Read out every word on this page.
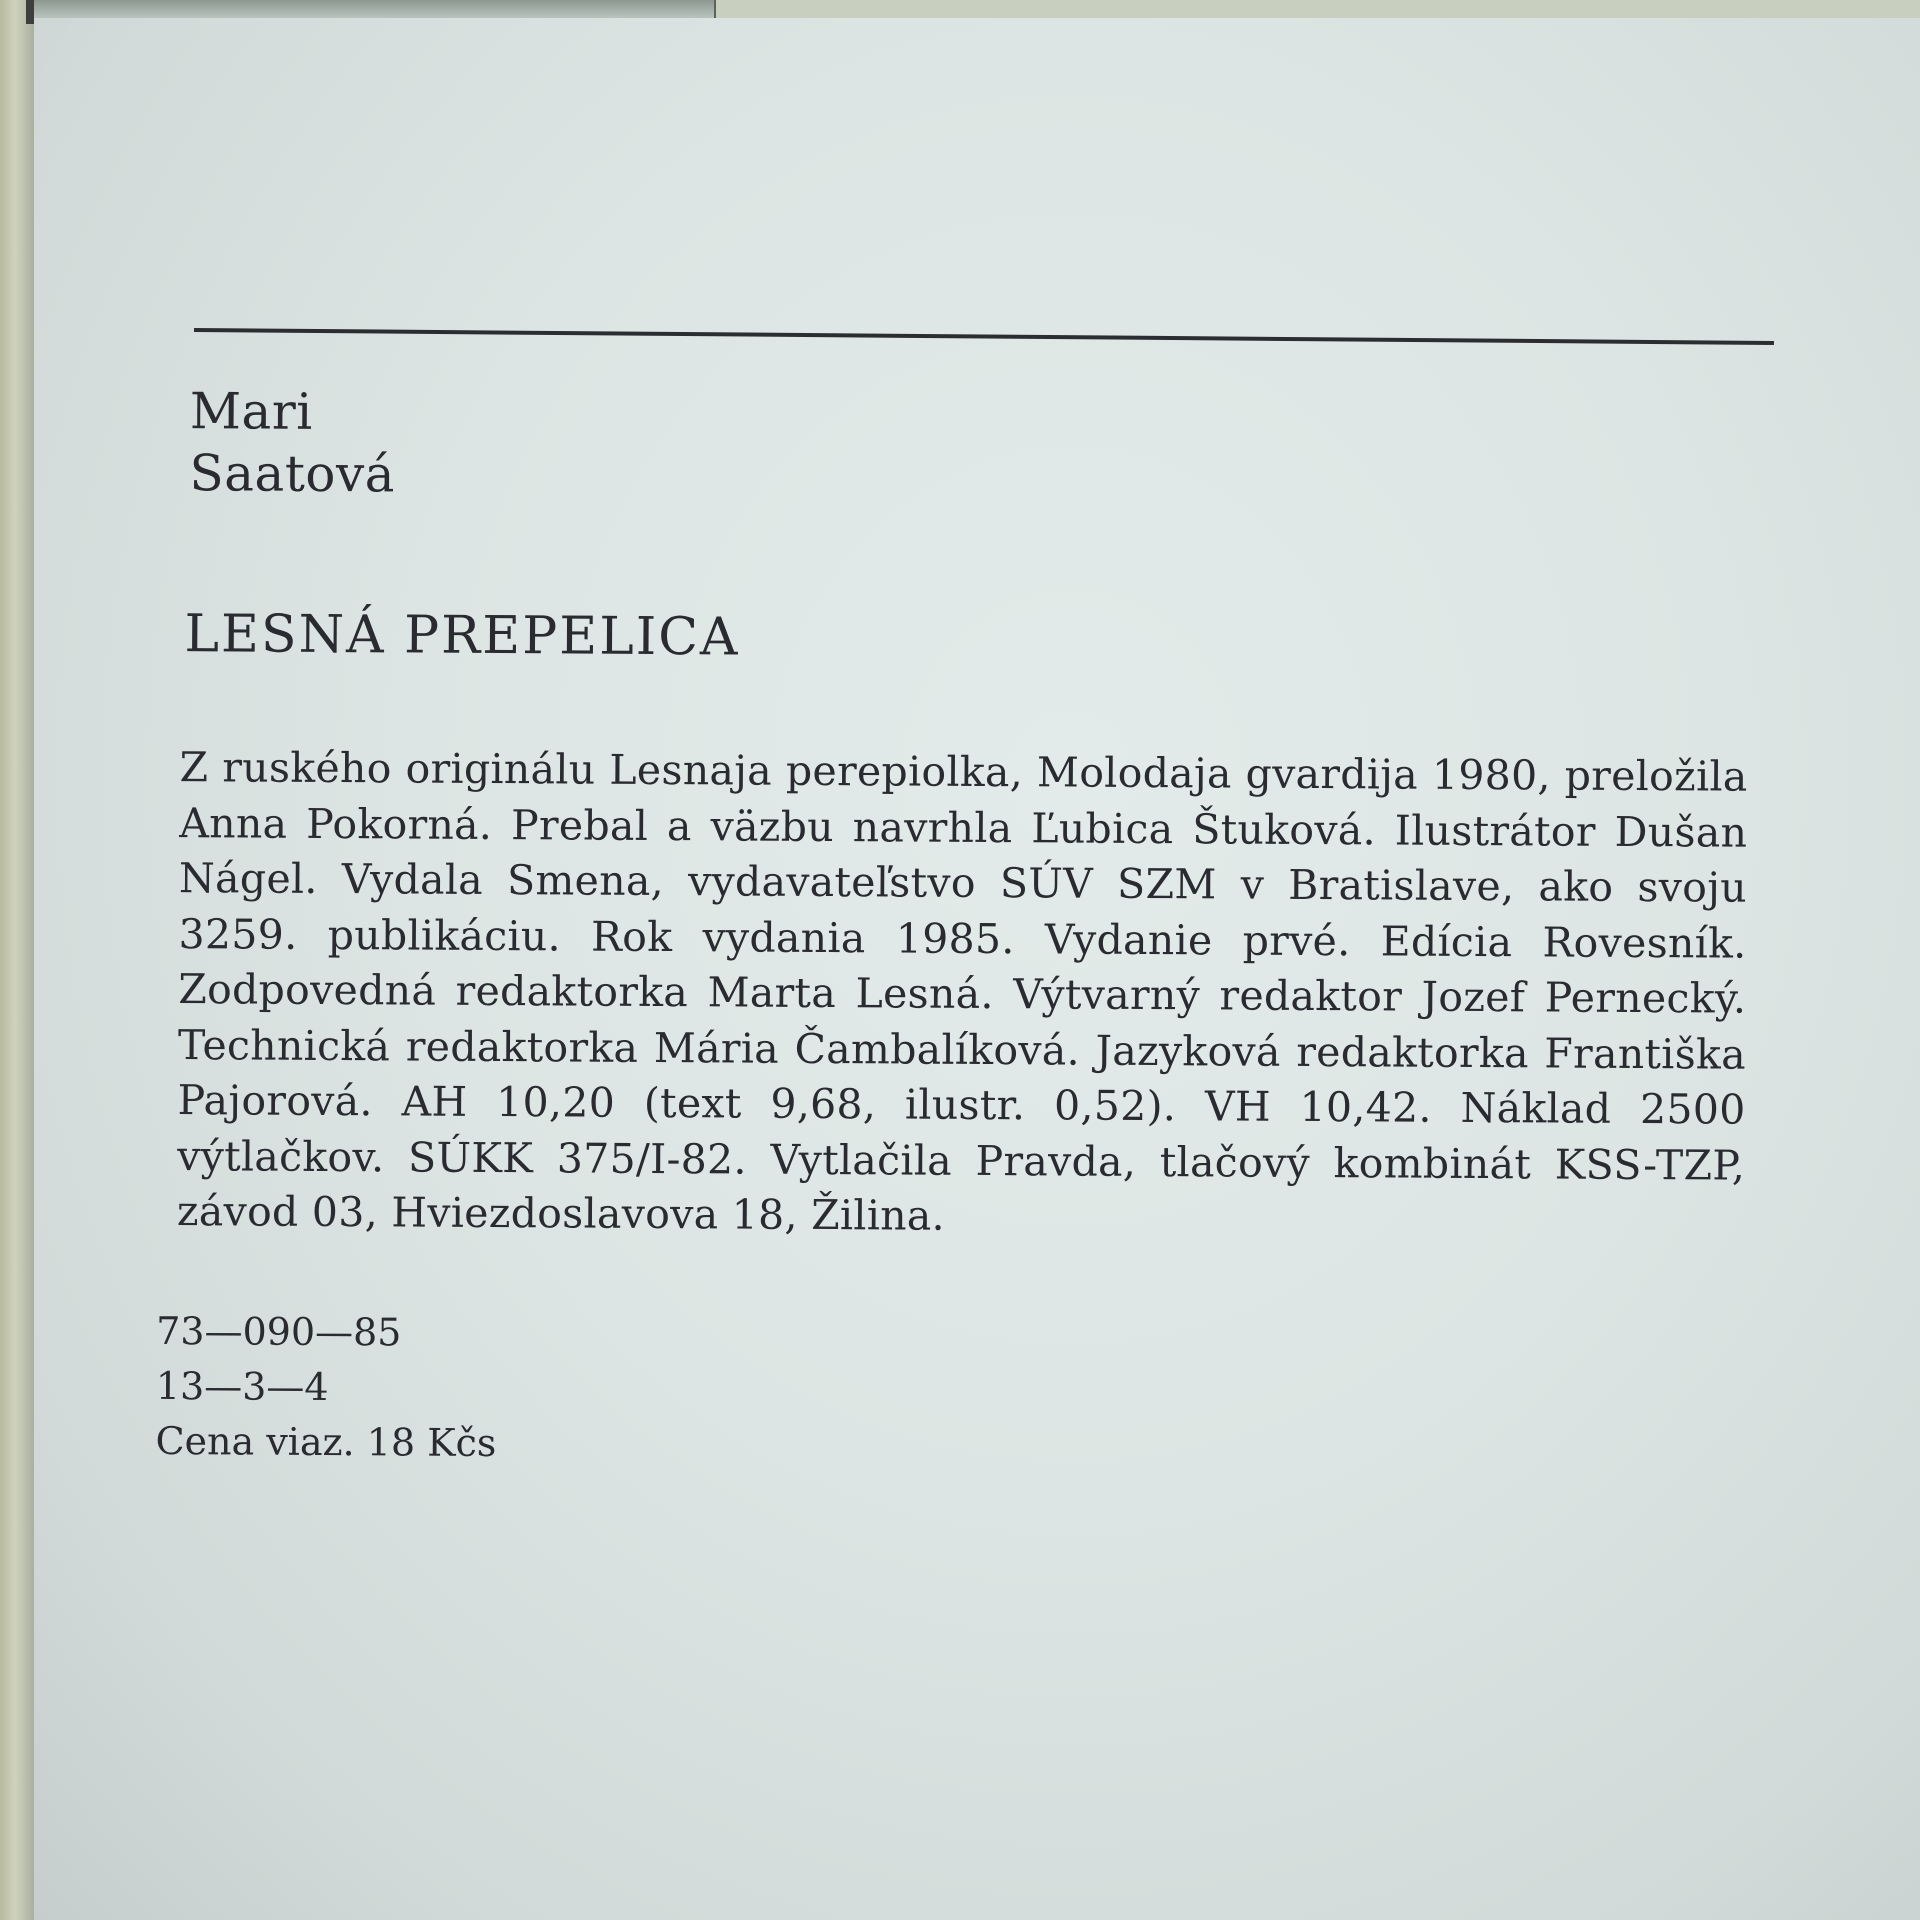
Mari
Saatová
LESNÁ PREPELICA
Z ruského originálu Lesnaja perepiolka, Molodaja gvardija 1980, preložila Anna Pokorná. Prebal a väzbu navrhla Ľubica Štuková. Ilustrátor Dušan Nágel. Vydala Smena, vydavateľstvo SÚV SZM v Bratislave, ako svoju 3259. publikáciu. Rok vydania 1985. Vydanie prvé. Edícia Rovesník. Zodpovedná redaktorka Marta Lesná. Výtvarný redaktor Jozef Pernecký. Technická redaktorka Mária Čambalíková. Jazyková redaktorka Františka Pajorová. AH 10,20 (text 9,68, ilustr. 0,52). VH 10,42. Náklad 2500 výtlačkov. SÚKK 375/I-82. Vytlačila Pravda, tlačový kombinát KSS-TZP, závod 03, Hviezdoslavova 18, Žilina.
73—090—85
13—3—4
Cena viaz. 18 Kčs
